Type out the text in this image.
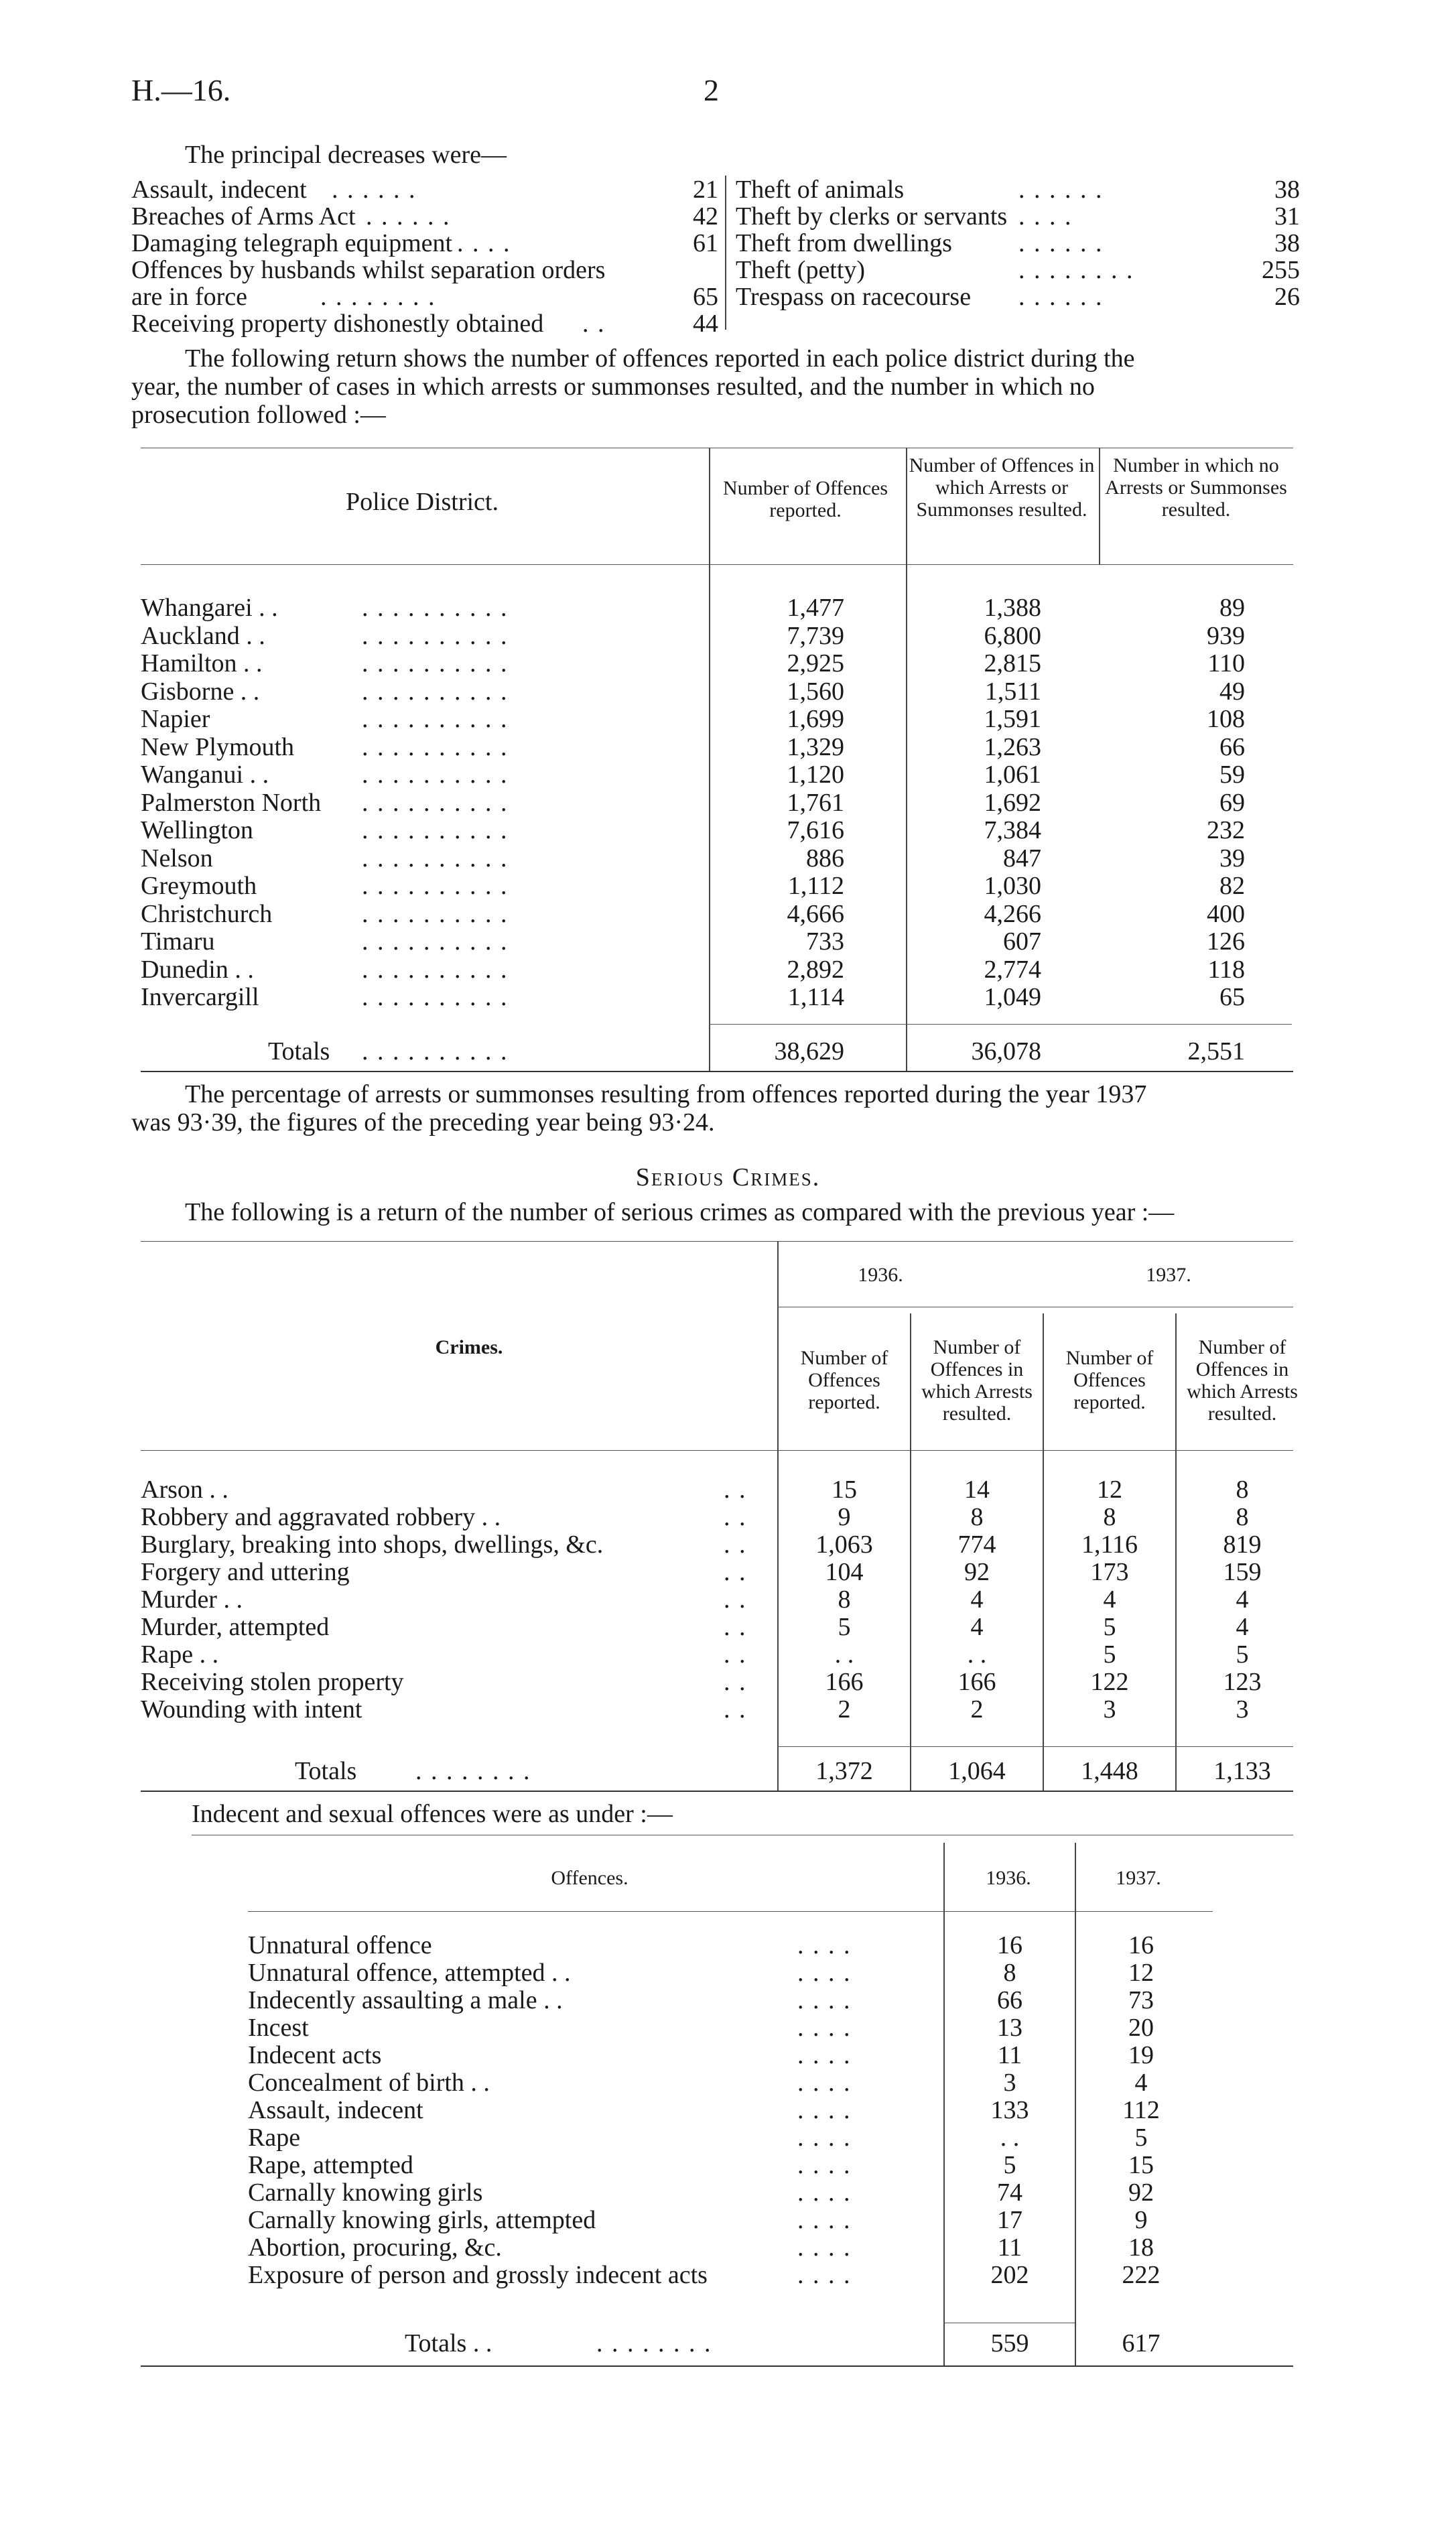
H.—16.	2
The principal decreases were—
Assault, indecent . . . . . .	21
Breaches of Arms Act . . . . . .	42
Damaging telegraph equipment . . . .	61
Offences by husbands whilst separation orders
are in force	. . . . . . . .	65
Receiving property dishonestly obtained . .	44
Theft of animals	. . . . . .	38
Theft by clerks or servants . . . .	31
Theft from dwellings	. . . . . .	38
Theft (petty)	. . . . . . . .	255
Trespass on racecourse . . . . . .	26
The following return shows the number of offences reported in each police district during the
year, the number of cases in which arrests or summonses resulted, and the number in which no
prosecution followed :—
Police District.	Number of Offences reported.
Number of Offences in which Arrests or Summonses resulted.
Number in which no Arrests or Summonses resulted.
Whangarei . .	. . . . . . . . . .	1,477	1,388	89
Auckland . .	. . . . . . . . . .	7,739	6,800	939
Hamilton . .	. . . . . . . . . .	2,925	2,815	110
Gisborne . .	. . . . . . . . . .	1,560	1,511	49
Napier	. . . . . . . . . .	1,699	1,591	108
New Plymouth	. . . . . . . . . .	1,329	1,263	66
Wanganui . .	. . . . . . . . . .	1,120	1,061	59
Palmerston North . . . . . . . . . .	1,761	1,692	69
Wellington	. . . . . . . . . .	7,616	7,384	232
Nelson	. . . . . . . . . .	886	847	39
Greymouth	. . . . . . . . . .	1,112	1,030	82
Christchurch	. . . . . . . . . .	4,666	4,266	400
Timaru	. . . . . . . . . .	733	607	126
Dunedin . .	. . . . . . . . . .	2,892	2,774	118
Invercargill	. . . . . . . . . .	1,114	1,049	65
Totals . . . . . . . . . .	38,629	36,078	2,551
The percentage of arrests or summonses resulting from offences reported during the year 1937
was 93·39, the figures of the preceding year being 93·24.
Serious Crimes.
The following is a return of the number of serious crimes as compared with the previous year :—
1936.	1937.
Crimes.	Number of Offences reported.
Number of Offences in which Arrests resulted.
Number of Offences reported.
Number of Offences in which Arrests resulted.
Arson . .	. .	15	14	12	8
Robbery and aggravated robbery . .	. .	9	8	8	8
Burglary, breaking into shops, dwellings, &c.	. .	1,063	774	1,116	819
Forgery and uttering	. .	104	92	173	159
Murder . .	. .	8	4	4	4
Murder, attempted	. .	5	4	5	4
Rape . .	. .	. .	. .	5	5
Receiving stolen property	. .	166	166	122	123
Wounding with intent	. .	2	2	3	3
Totals . . . . . . . .	1,372	1,064	1,448	1,133
Indecent and sexual offences were as under :—
Offences.	1936.	1937.
Unnatural offence	. . . .	16	16
Unnatural offence, attempted . .	. . . .	8	12
Indecently assaulting a male . .	. . . .	66	73
Incest	. . . .	13	20
Indecent acts	. . . .	11	19
Concealment of birth . .	. . . .	3	4
Assault, indecent	. . . .	133	112
Rape	. . . .	. .	5
Rape, attempted	. . . .	5	15
Carnally knowing girls	. . . .	74	92
Carnally knowing girls, attempted	. . . .	17	9
Abortion, procuring, &c.	. . . .	11	18
Exposure of person and grossly indecent acts	. . . .	202	222
Totals . .	. . . . . . . .	559	617
